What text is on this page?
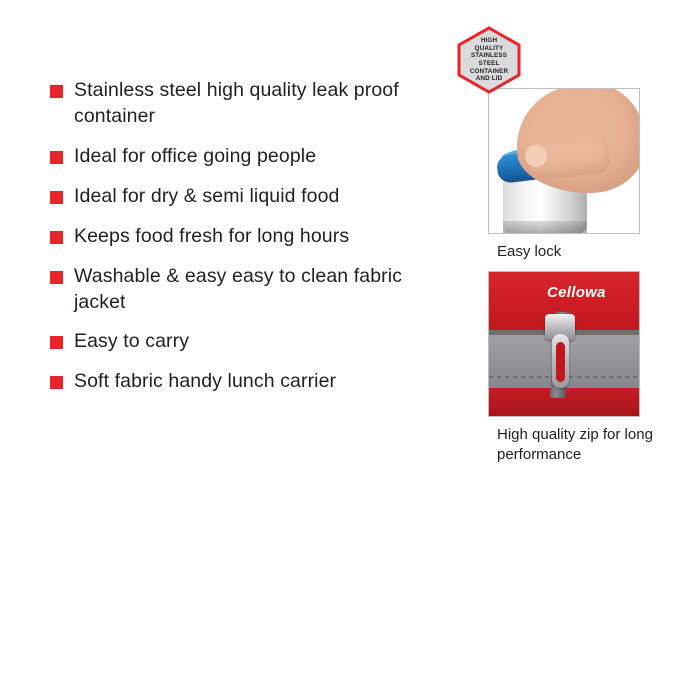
Stainless steel high quality leak proof container
Ideal for office going people
Ideal for dry & semi liquid food
Keeps food fresh for long hours
Washable & easy easy to clean fabric jacket
Easy to carry
Soft fabric handy lunch carrier
HIGH
QUALITY
STAINLESS
STEEL
CONTAINER
AND LID
Easy lock
Cellowa
High quality zip for long performance
